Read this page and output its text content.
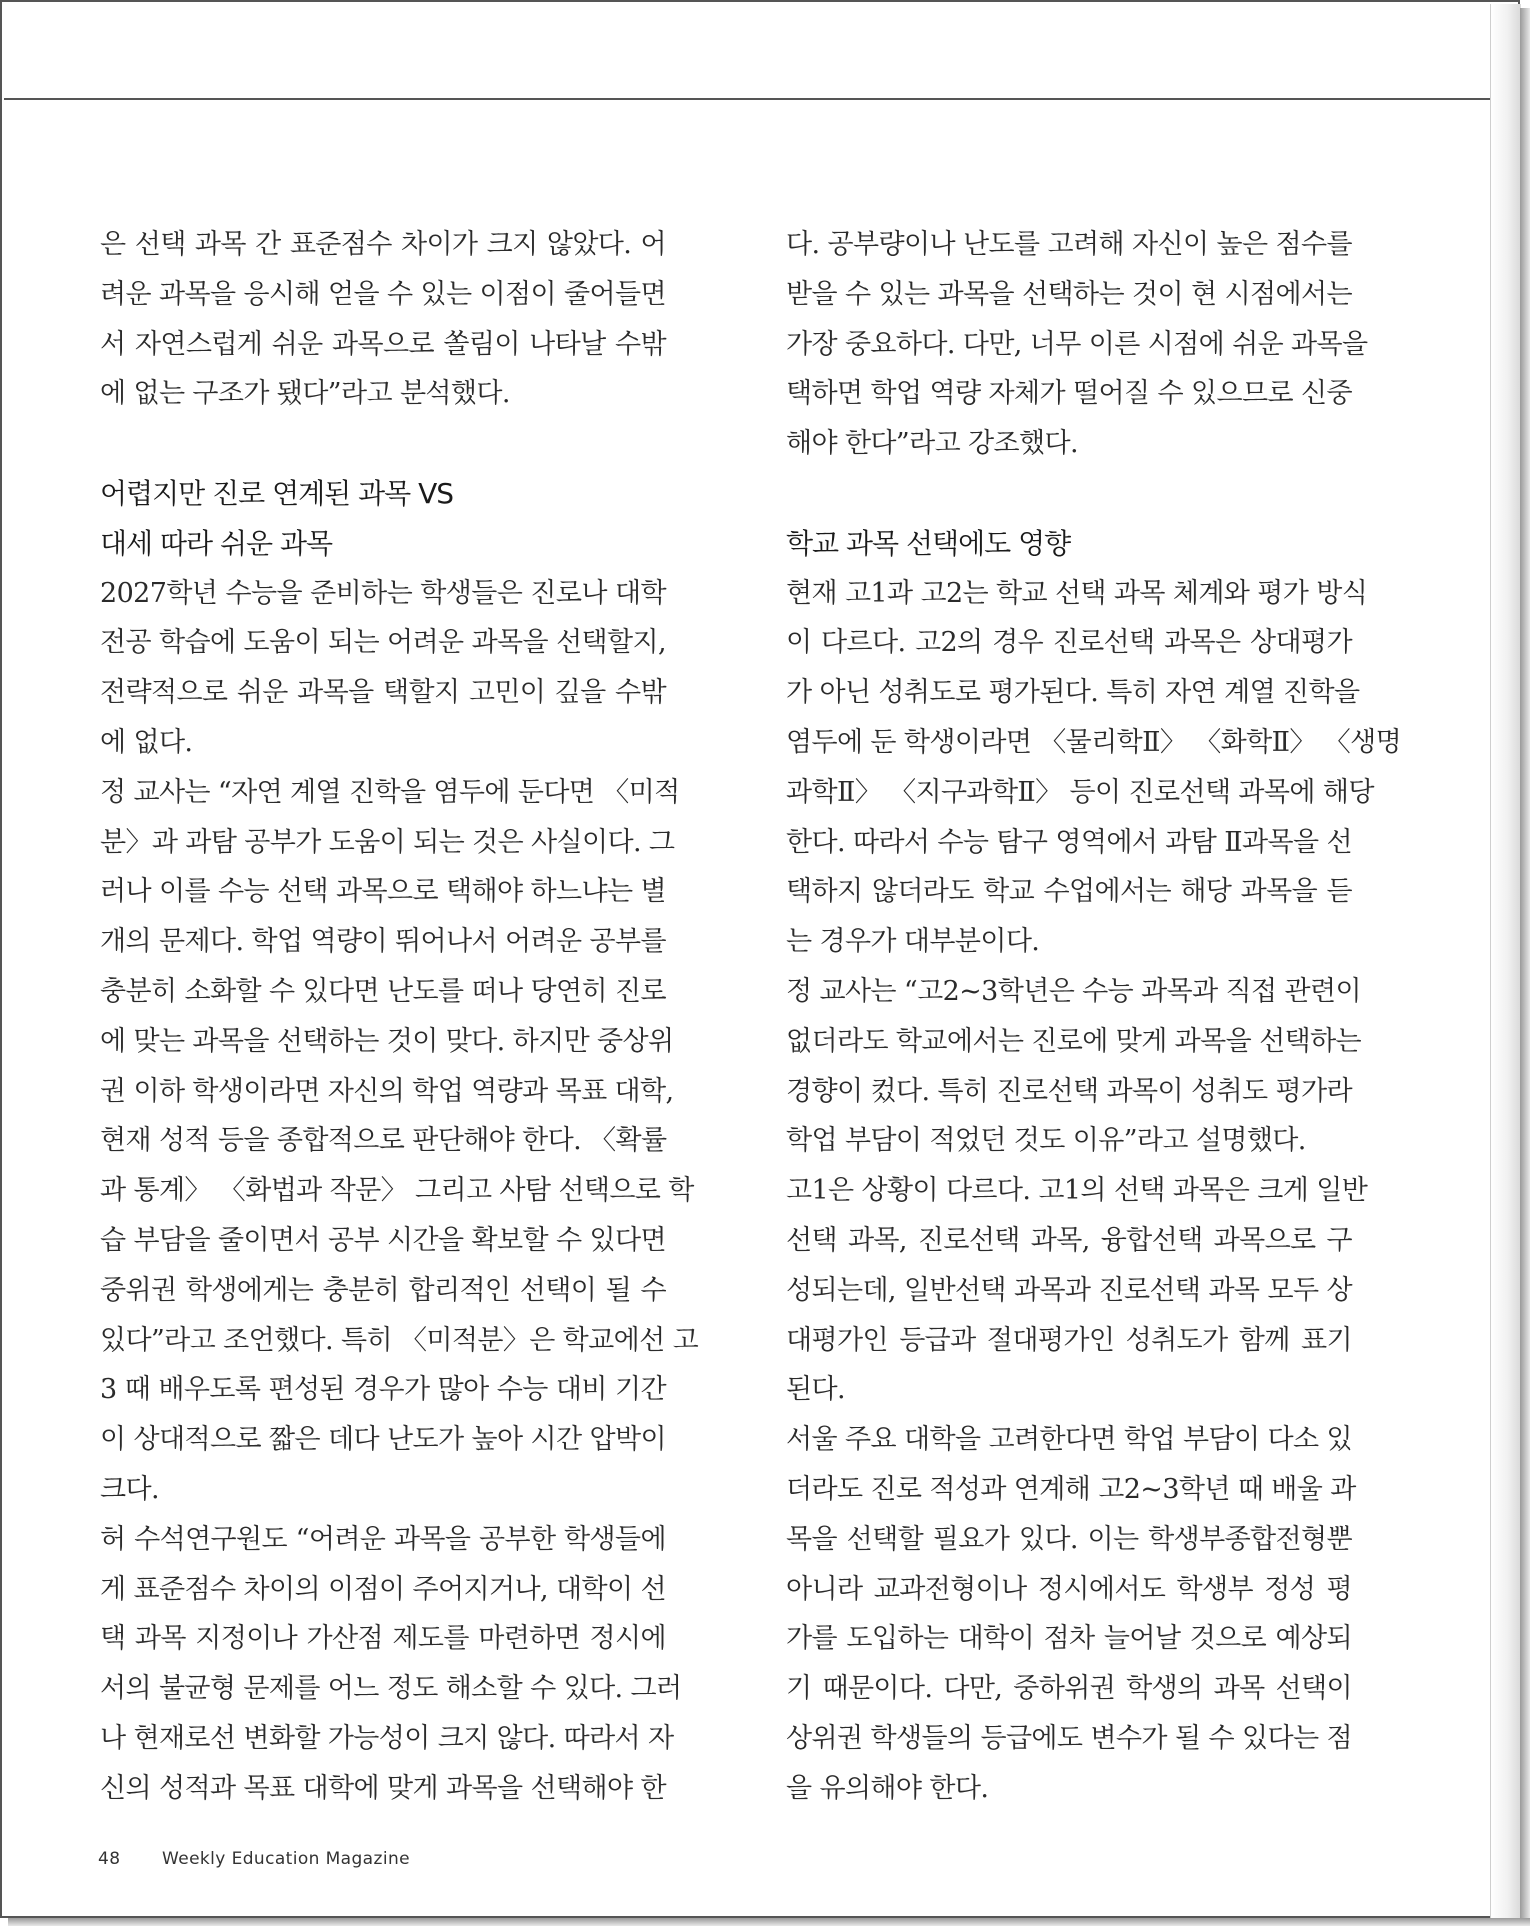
은 선택 과목 간 표준점수 차이가 크지 않았다. 어
려운 과목을 응시해 얻을 수 있는 이점이 줄어들면
서 자연스럽게 쉬운 과목으로 쏠림이 나타날 수밖
에 없는 구조가 됐다”라고 분석했다.
어렵지만 진로 연계된 과목 VS
대세 따라 쉬운 과목
2027학년 수능을 준비하는 학생들은 진로나 대학
전공 학습에 도움이 되는 어려운 과목을 선택할지,
전략적으로 쉬운 과목을 택할지 고민이 깊을 수밖
에 없다.
정 교사는 “자연 계열 진학을 염두에 둔다면 〈미적
분〉과 과탐 공부가 도움이 되는 것은 사실이다. 그
러나 이를 수능 선택 과목으로 택해야 하느냐는 별
개의 문제다. 학업 역량이 뛰어나서 어려운 공부를
충분히 소화할 수 있다면 난도를 떠나 당연히 진로
에 맞는 과목을 선택하는 것이 맞다. 하지만 중상위
권 이하 학생이라면 자신의 학업 역량과 목표 대학,
현재 성적 등을 종합적으로 판단해야 한다. 〈확률
과 통계〉 〈화법과 작문〉 그리고 사탐 선택으로 학
습 부담을 줄이면서 공부 시간을 확보할 수 있다면
중위권 학생에게는 충분히 합리적인 선택이 될 수
있다”라고 조언했다. 특히 〈미적분〉은 학교에선 고
3 때 배우도록 편성된 경우가 많아 수능 대비 기간
이 상대적으로 짧은 데다 난도가 높아 시간 압박이
크다.
허 수석연구원도 “어려운 과목을 공부한 학생들에
게 표준점수 차이의 이점이 주어지거나, 대학이 선
택 과목 지정이나 가산점 제도를 마련하면 정시에
서의 불균형 문제를 어느 정도 해소할 수 있다. 그러
나 현재로선 변화할 가능성이 크지 않다. 따라서 자
신의 성적과 목표 대학에 맞게 과목을 선택해야 한
다. 공부량이나 난도를 고려해 자신이 높은 점수를
받을 수 있는 과목을 선택하는 것이 현 시점에서는
가장 중요하다. 다만, 너무 이른 시점에 쉬운 과목을
택하면 학업 역량 자체가 떨어질 수 있으므로 신중
해야 한다”라고 강조했다.
학교 과목 선택에도 영향
현재 고1과 고2는 학교 선택 과목 체계와 평가 방식
이 다르다. 고2의 경우 진로선택 과목은 상대평가
가 아닌 성취도로 평가된다. 특히 자연 계열 진학을
염두에 둔 학생이라면 〈물리학Ⅱ〉 〈화학Ⅱ〉 〈생명
과학Ⅱ〉 〈지구과학Ⅱ〉 등이 진로선택 과목에 해당
한다. 따라서 수능 탐구 영역에서 과탐 Ⅱ과목을 선
택하지 않더라도 학교 수업에서는 해당 과목을 듣
는 경우가 대부분이다.
정 교사는 “고2~3학년은 수능 과목과 직접 관련이
없더라도 학교에서는 진로에 맞게 과목을 선택하는
경향이 컸다. 특히 진로선택 과목이 성취도 평가라
학업 부담이 적었던 것도 이유”라고 설명했다.
고1은 상황이 다르다. 고1의 선택 과목은 크게 일반
선택 과목, 진로선택 과목, 융합선택 과목으로 구
성되는데, 일반선택 과목과 진로선택 과목 모두 상
대평가인 등급과 절대평가인 성취도가 함께 표기
된다.
서울 주요 대학을 고려한다면 학업 부담이 다소 있
더라도 진로 적성과 연계해 고2~3학년 때 배울 과
목을 선택할 필요가 있다. 이는 학생부종합전형뿐
아니라 교과전형이나 정시에서도 학생부 정성 평
가를 도입하는 대학이 점차 늘어날 것으로 예상되
기 때문이다. 다만, 중하위권 학생의 과목 선택이
상위권 학생들의 등급에도 변수가 될 수 있다는 점
을 유의해야 한다.
48 Weekly Education Magazine
